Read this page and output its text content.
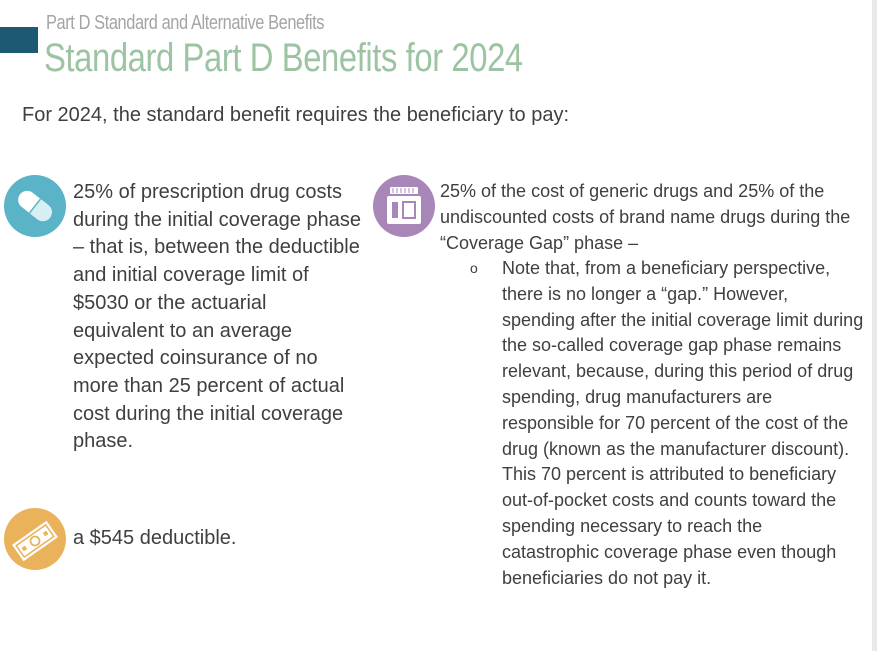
Part D Standard and Alternative Benefits
Standard Part D Benefits for 2024
For 2024, the standard benefit requires the beneficiary to pay:
25% of prescription drug costs during the initial coverage phase – that is, between the deductible and initial coverage limit of $5030 or the actuarial equivalent to an average expected coinsurance of no more than 25 percent of actual cost during the initial coverage phase.
a $545 deductible.
25% of the cost of generic drugs and 25% of the undiscounted costs of brand name drugs during the “Coverage Gap” phase –
o Note that, from a beneficiary perspective, there is no longer a “gap.” However, spending after the initial coverage limit during the so-called coverage gap phase remains relevant, because, during this period of drug spending, drug manufacturers are responsible for 70 percent of the cost of the drug (known as the manufacturer discount). This 70 percent is attributed to beneficiary out-of-pocket costs and counts toward the spending necessary to reach the catastrophic coverage phase even though beneficiaries do not pay it.
